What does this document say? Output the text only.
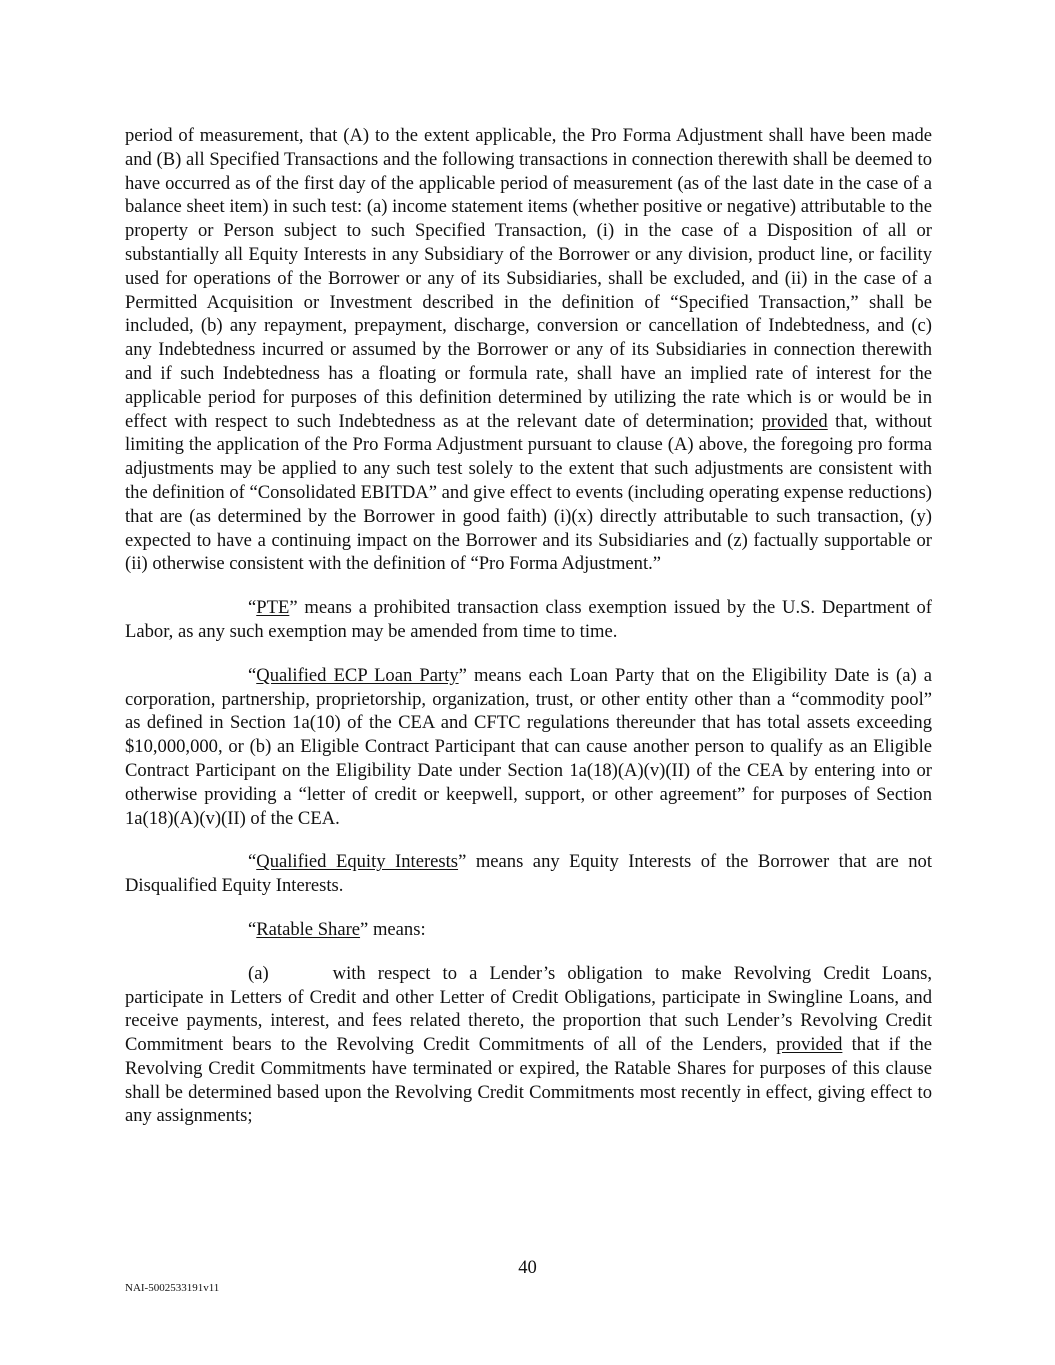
period of measurement, that (A) to the extent applicable, the Pro Forma Adjustment shall have been made and (B) all Specified Transactions and the following transactions in connection therewith shall be deemed to have occurred as of the first day of the applicable period of measurement (as of the last date in the case of a balance sheet item) in such test: (a) income statement items (whether positive or negative) attributable to the property or Person subject to such Specified Transaction, (i) in the case of a Disposition of all or substantially all Equity Interests in any Subsidiary of the Borrower or any division, product line, or facility used for operations of the Borrower or any of its Subsidiaries, shall be excluded, and (ii) in the case of a Permitted Acquisition or Investment described in the definition of “Specified Transaction,” shall be included, (b) any repayment, prepayment, discharge, conversion or cancellation of Indebtedness, and (c) any Indebtedness incurred or assumed by the Borrower or any of its Subsidiaries in connection therewith and if such Indebtedness has a floating or formula rate, shall have an implied rate of interest for the applicable period for purposes of this definition determined by utilizing the rate which is or would be in effect with respect to such Indebtedness as at the relevant date of determination; provided that, without limiting the application of the Pro Forma Adjustment pursuant to clause (A) above, the foregoing pro forma adjustments may be applied to any such test solely to the extent that such adjustments are consistent with the definition of “Consolidated EBITDA” and give effect to events (including operating expense reductions) that are (as determined by the Borrower in good faith) (i)(x) directly attributable to such transaction, (y) expected to have a continuing impact on the Borrower and its Subsidiaries and (z) factually supportable or (ii) otherwise consistent with the definition of “Pro Forma Adjustment.”

“PTE” means a prohibited transaction class exemption issued by the U.S. Department of Labor, as any such exemption may be amended from time to time.

“Qualified ECP Loan Party” means each Loan Party that on the Eligibility Date is (a) a corporation, partnership, proprietorship, organization, trust, or other entity other than a “commodity pool” as defined in Section 1a(10) of the CEA and CFTC regulations thereunder that has total assets exceeding $10,000,000, or (b) an Eligible Contract Participant that can cause another person to qualify as an Eligible Contract Participant on the Eligibility Date under Section 1a(18)(A)(v)(II) of the CEA by entering into or otherwise providing a “letter of credit or keepwell, support, or other agreement” for purposes of Section 1a(18)(A)(v)(II) of the CEA.

“Qualified Equity Interests” means any Equity Interests of the Borrower that are not Disqualified Equity Interests.

“Ratable Share” means:

(a)	with respect to a Lender’s obligation to make Revolving Credit Loans, participate in Letters of Credit and other Letter of Credit Obligations, participate in Swingline Loans, and receive payments, interest, and fees related thereto, the proportion that such Lender’s Revolving Credit Commitment bears to the Revolving Credit Commitments of all of the Lenders, provided that if the Revolving Credit Commitments have terminated or expired, the Ratable Shares for purposes of this clause shall be determined based upon the Revolving Credit Commitments most recently in effect, giving effect to any assignments;

40
NAI-5002533191v11
